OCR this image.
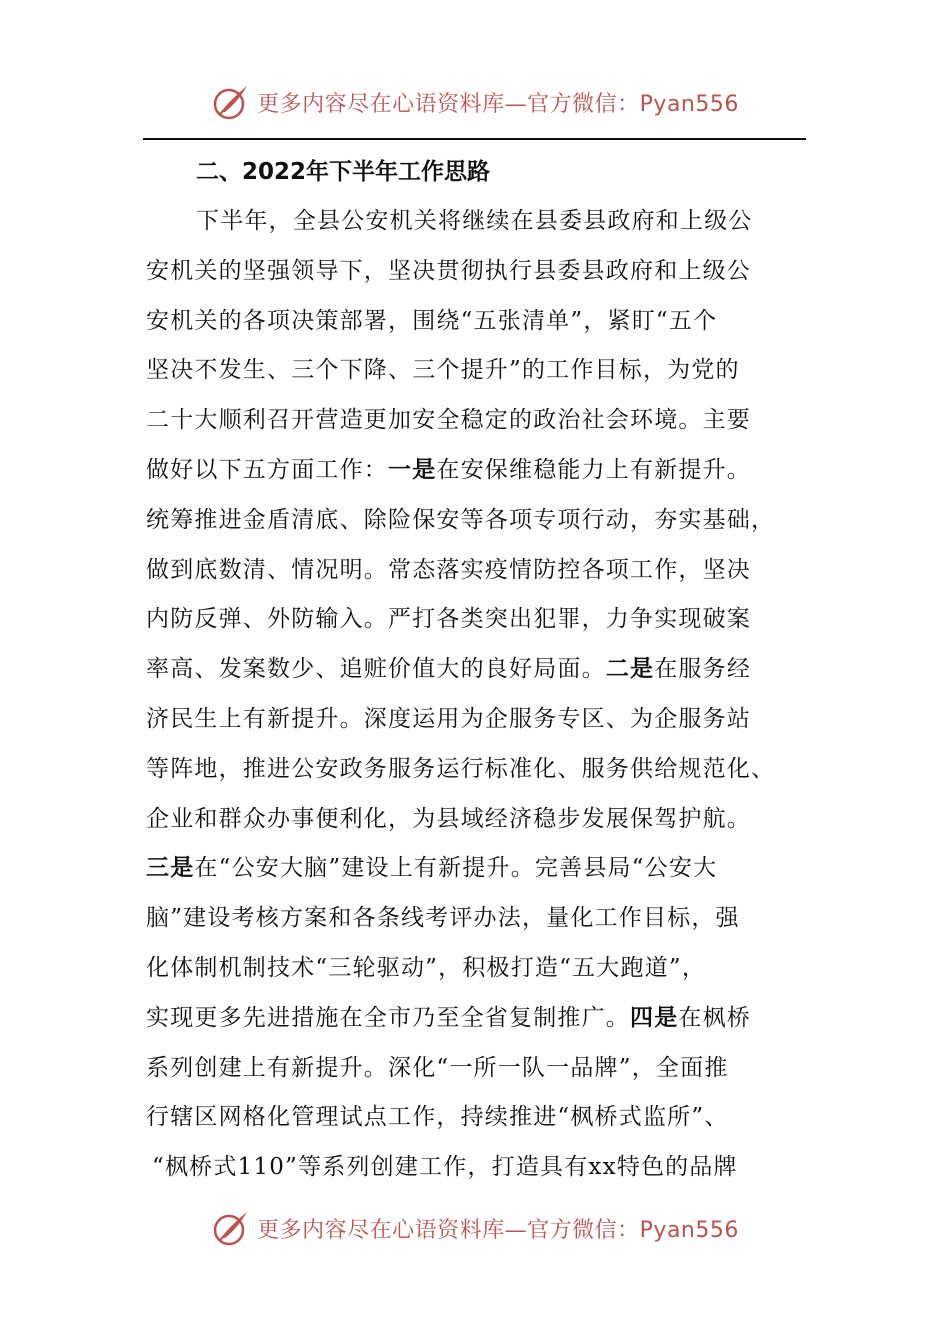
更多内容尽在心语资料库—官方微信：Pyan556
二、2022年下半年工作思路
下半年，全县公安机关将继续在县委县政府和上级公
安机关的坚强领导下，坚决贯彻执行县委县政府和上级公
安机关的各项决策部署，围绕“五张清单”，紧盯“五个
坚决不发生、三个下降、三个提升”的工作目标，为党的
二十大顺利召开营造更加安全稳定的政治社会环境。主要
做好以下五方面工作：一是在安保维稳能力上有新提升。
统筹推进金盾清底、除险保安等各项专项行动，夯实基础，
做到底数清、情况明。常态落实疫情防控各项工作，坚决
内防反弹、外防输入。严打各类突出犯罪，力争实现破案
率高、发案数少、追赃价值大的良好局面。二是在服务经
济民生上有新提升。深度运用为企服务专区、为企服务站
等阵地，推进公安政务服务运行标准化、服务供给规范化、
企业和群众办事便利化，为县域经济稳步发展保驾护航。
三是在“公安大脑”建设上有新提升。完善县局“公安大
脑”建设考核方案和各条线考评办法，量化工作目标，强
化体制机制技术“三轮驱动”，积极打造“五大跑道”，
实现更多先进措施在全市乃至全省复制推广。四是在枫桥
系列创建上有新提升。深化“一所一队一品牌”，全面推
行辖区网格化管理试点工作，持续推进“枫桥式监所”、
“枫桥式110”等系列创建工作，打造具有xx特色的品牌
更多内容尽在心语资料库—官方微信：Pyan556
